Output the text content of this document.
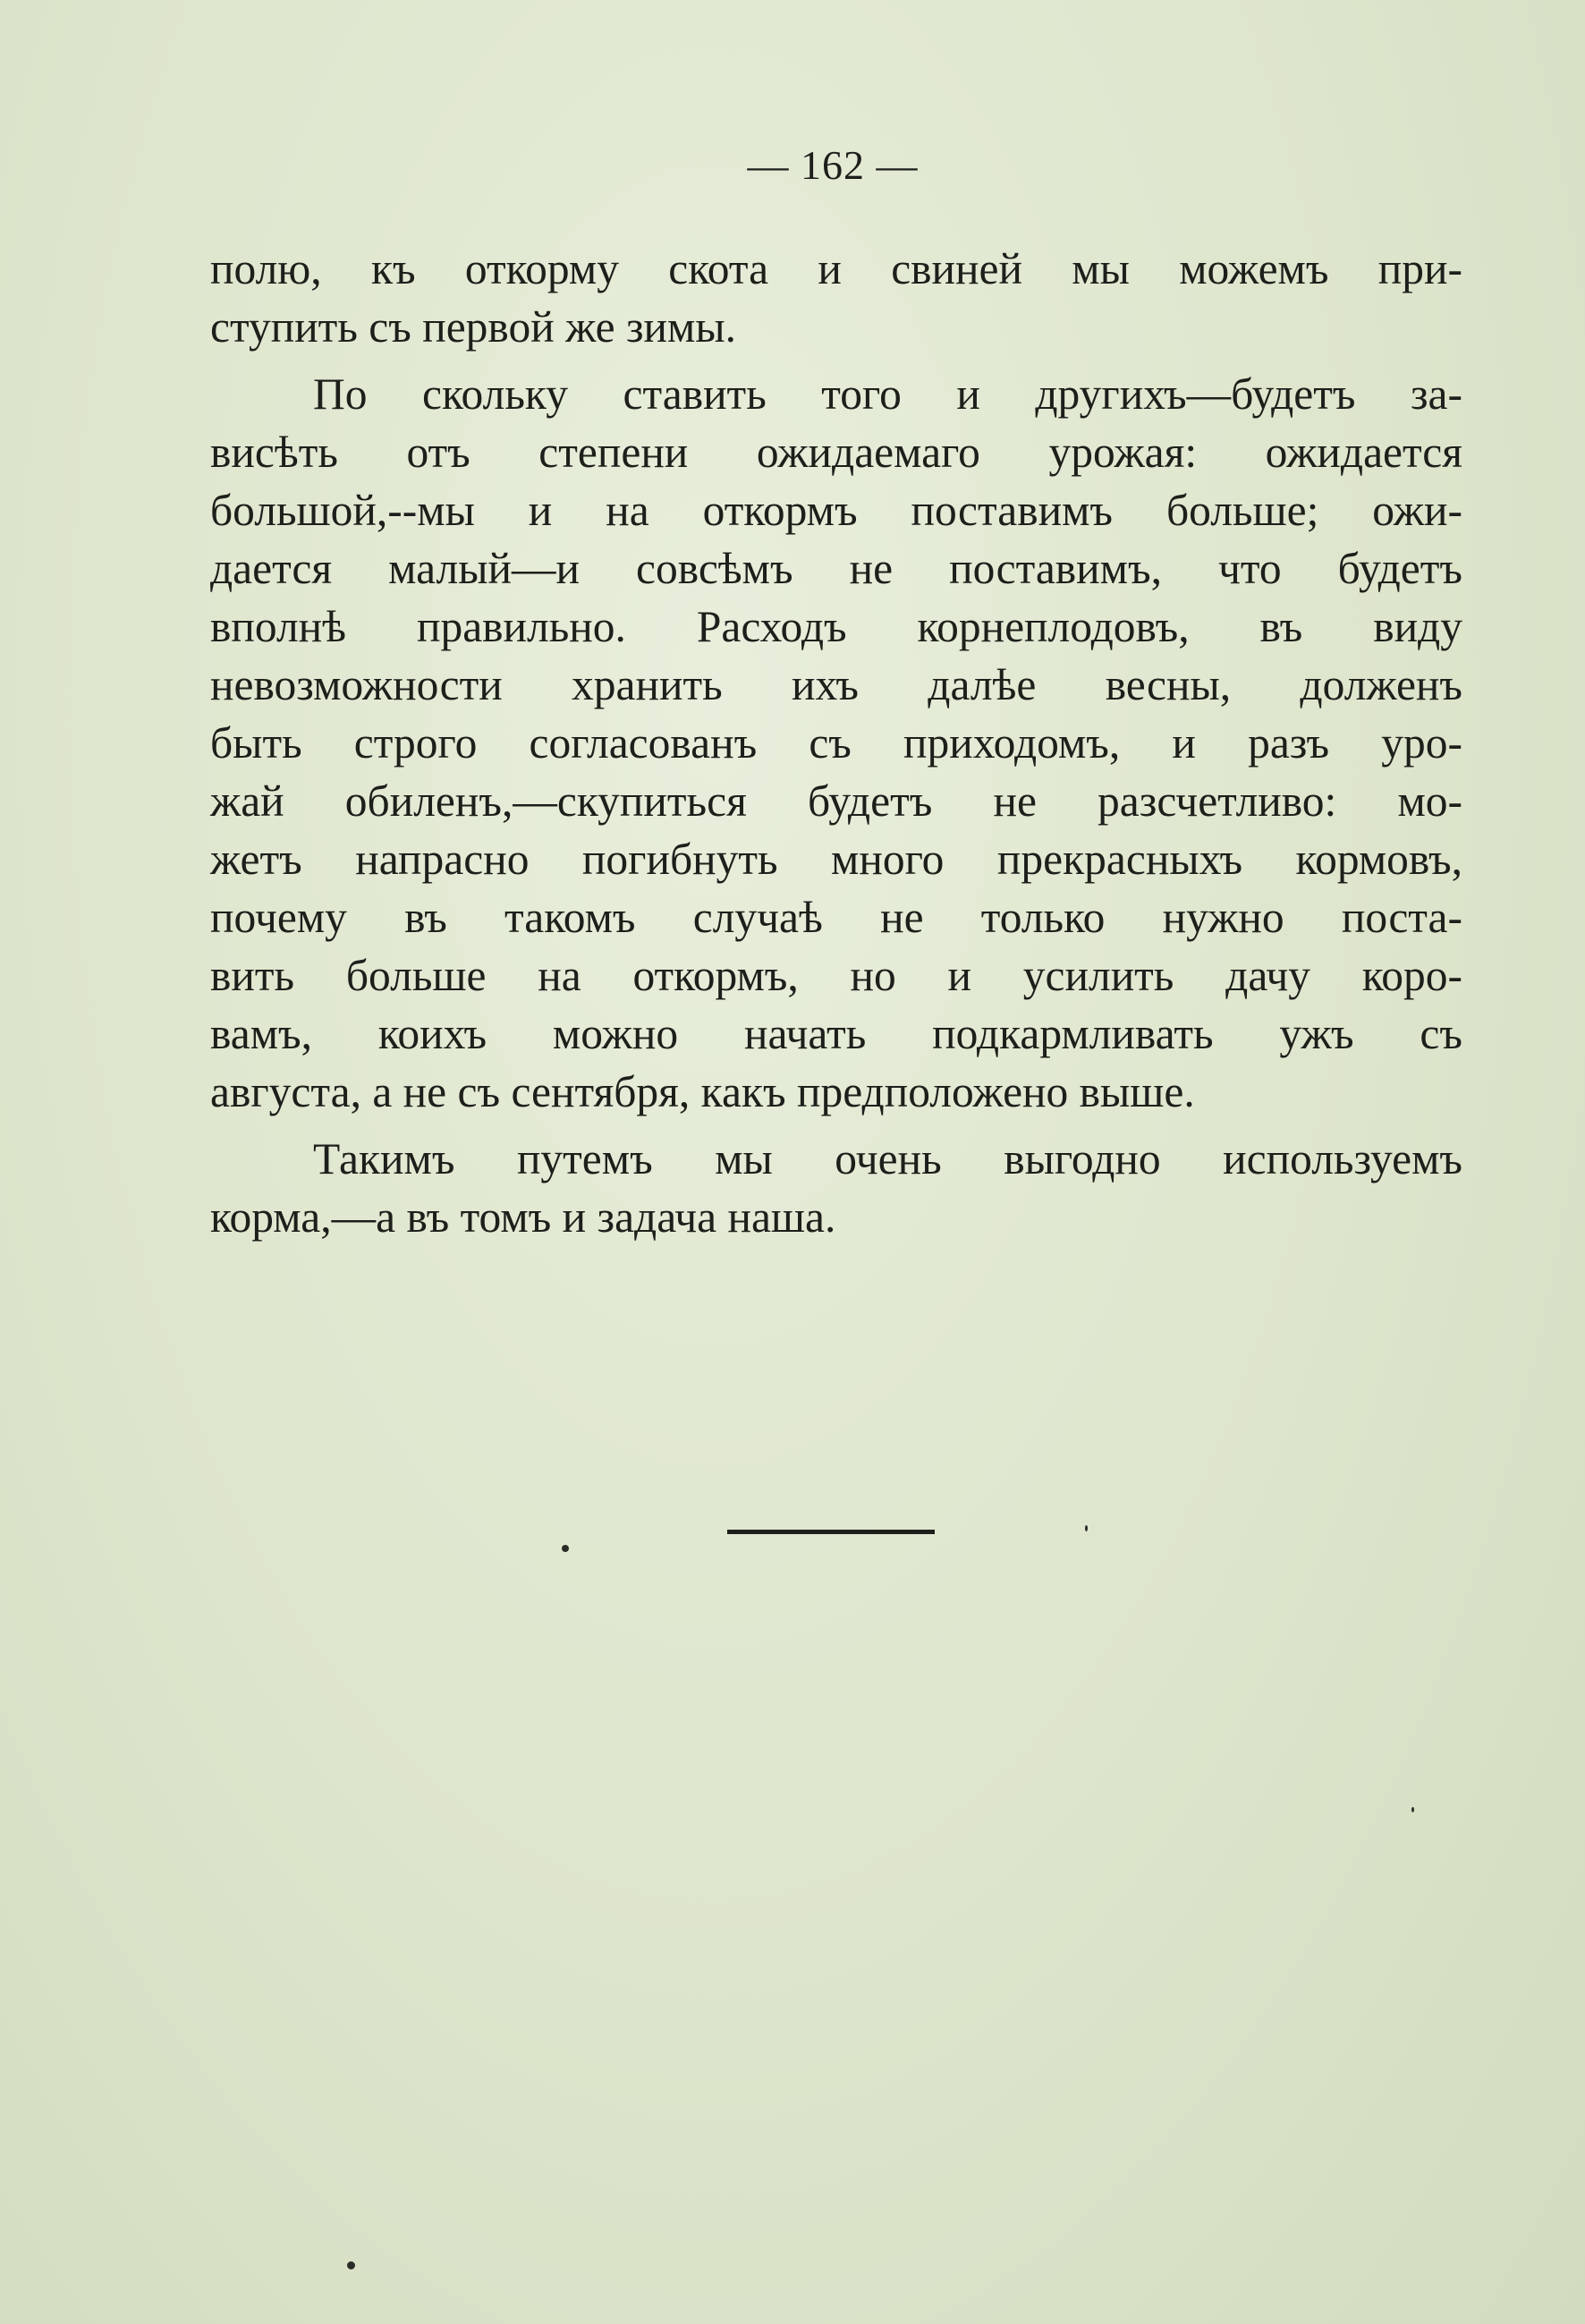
— 162 —

полю, къ откорму скота и свиней мы можемъ при-
ступить съ первой же зимы.

По скольку ставить того и другихъ—будетъ за-
висѣть отъ степени ожидаемаго урожая: ожидается
большой,--мы и на откормъ поставимъ больше; ожи-
дается малый—и совсѣмъ не поставимъ, что будетъ
вполнѣ правильно. Расходъ корнеплодовъ, въ виду
невозможности хранить ихъ далѣе весны, долженъ
быть строго согласованъ съ приходомъ, и разъ уро-
жай обиленъ,—скупиться будетъ не разсчетливо: мо-
жетъ напрасно погибнуть много прекрасныхъ кормовъ,
почему въ такомъ случаѣ не только нужно поста-
вить больше на откормъ, но и усилить дачу коро-
вамъ, коихъ можно начать подкармливать ужъ съ
августа, а не съ сентября, какъ предположено выше.

Такимъ путемъ мы очень выгодно используемъ
корма,—а въ томъ и задача наша.
